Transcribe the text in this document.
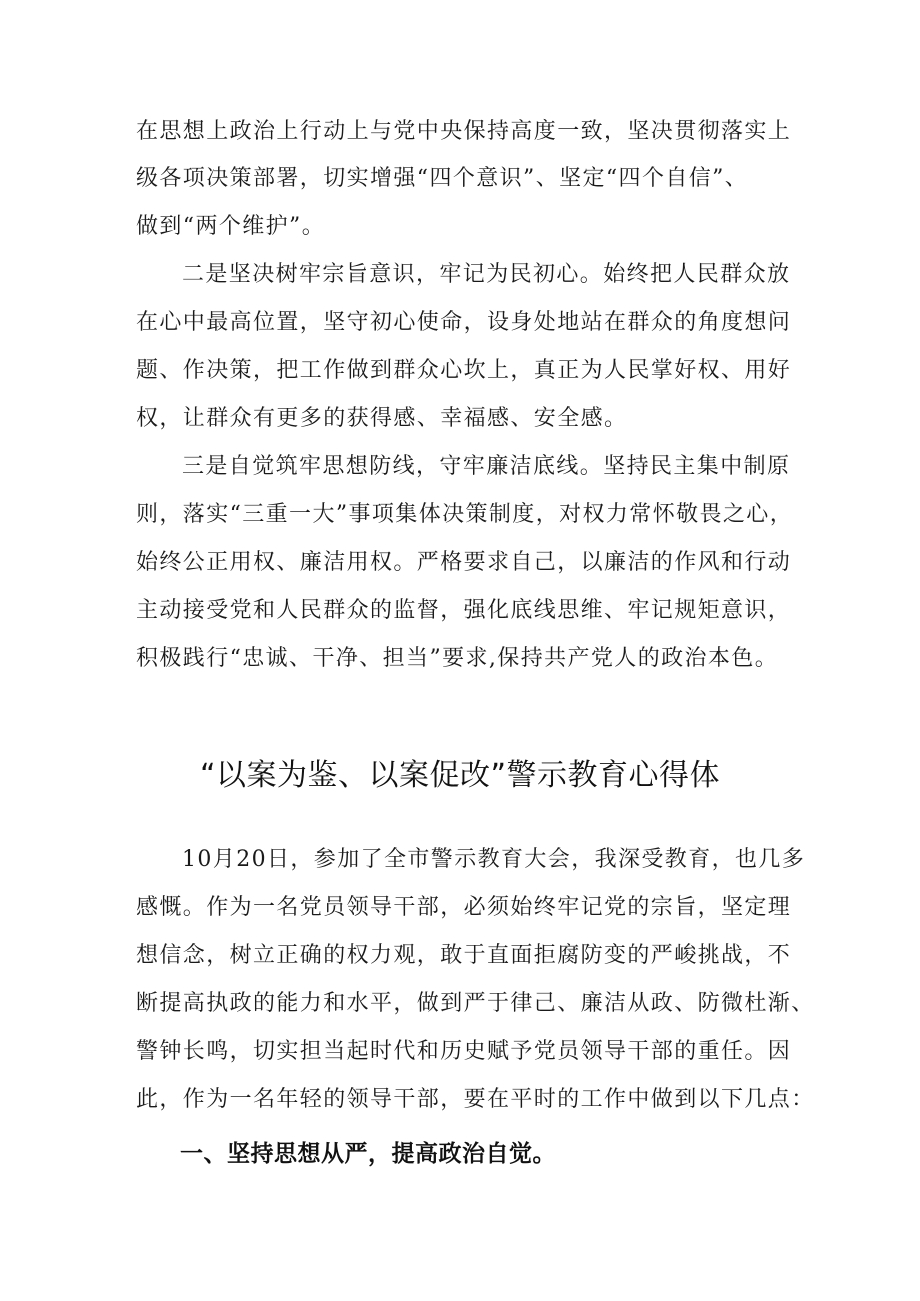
在思想上政治上行动上与党中央保持高度一致，坚决贯彻落实上
级各项决策部署，切实增强“四个意识”、坚定“四个自信”、
做到“两个维护”。
二是坚决树牢宗旨意识，牢记为民初心。始终把人民群众放
在心中最高位置，坚守初心使命，设身处地站在群众的角度想问
题、作决策，把工作做到群众心坎上，真正为人民掌好权、用好
权，让群众有更多的获得感、幸福感、安全感。
三是自觉筑牢思想防线，守牢廉洁底线。坚持民主集中制原
则，落实“三重一大”事项集体决策制度，对权力常怀敬畏之心，
始终公正用权、廉洁用权。严格要求自己，以廉洁的作风和行动
主动接受党和人民群众的监督，强化底线思维、牢记规矩意识，
积极践行“忠诚、干净、担当”要求,保持共产党人的政治本色。
“以案为鉴、以案促改”警示教育心得体
10月20日，参加了全市警示教育大会，我深受教育，也几多
感慨。作为一名党员领导干部，必须始终牢记党的宗旨，坚定理
想信念，树立正确的权力观，敢于直面拒腐防变的严峻挑战，不
断提高执政的能力和水平，做到严于律己、廉洁从政、防微杜渐、
警钟长鸣，切实担当起时代和历史赋予党员领导干部的重任。因
此，作为一名年轻的领导干部，要在平时的工作中做到以下几点：
一、坚持思想从严，提高政治自觉。
